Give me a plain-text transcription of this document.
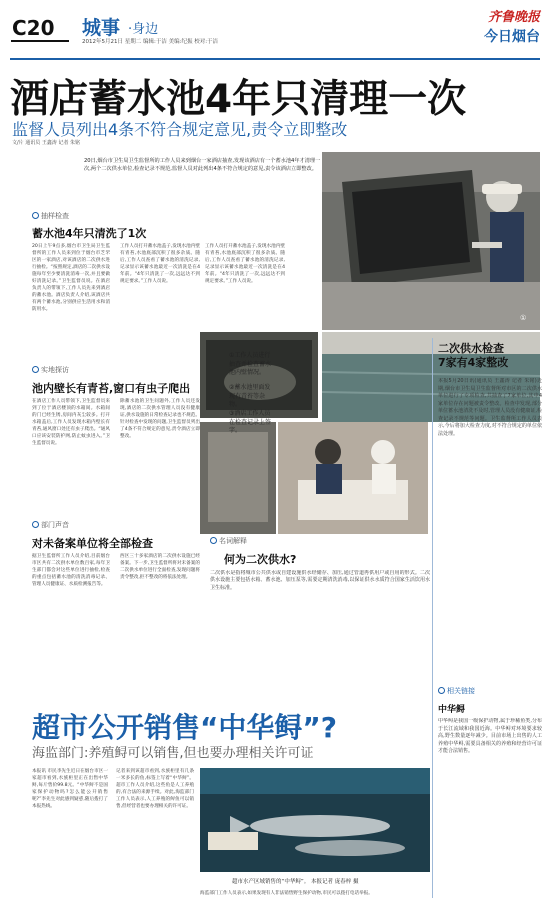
C20 城事 ·身边
2012年5月21日 星期二 编辑:于洁 美编:纪振 校对:于洁
齐鲁晚报
今日烟台
酒店蓄水池4年只清理一次
监督人员列出4条不符合规定意见,责令立即整改
文/片 通讯员 王鑫涛 记者 朱铭
20日,烟台市卫生局卫生监督所的工作人员来到烟台一家酒店抽查,发现该酒店有一个蓄水池4年才清理一次,两个二次供水单位,检查记录不规范,监督人员对此列出4条不符合规定的意见,责令该酒店立即整改。
①
抽样检查
蓄水池4年只清洗了1次
20日上午9点多,烟台市卫生局卫生监督所的工作人员来到位于烟台市芝罘区的一家酒店,对该酒店的二次供水进行抽检。“按照规定,酒店的二次供水设施每年至少要清洗消毒一次,并且要做好清洗记录。”卫生监督员说。在酒店负责人的带领下,工作人员先来到酒店的蓄水池。酒店负责人介绍,该酒店共有两个蓄水池,分别供应生活用水和消防用水。
工作人员打开蓄水池盖子,发现水池内壁有青苔,水池底部沉积了很多杂质。随后,工作人员查看了蓄水池的清洗记录,记录显示该蓄水池最近一次清洗是在4年前。“4年只清洗了一次,远远达不到规定要求。”工作人员说。
工作人员打开蓄水池盖子,发现水池内壁有青苔,水池底部沉积了很多杂质。随后,工作人员查看了蓄水池的清洗记录,记录显示该蓄水池最近一次清洗是在4年前。“4年只清洗了一次,远远达不到规定要求。”工作人员说。
实地探访
池内壁长有青苔,窗口有虫子爬出
在酒店工作人员带领下,卫生监督员来到了位于酒店楼顶的水箱间。水箱间的门已经生锈,房间内灰尘较多。打开水箱盖后,工作人员发现水箱内壁长有青苔,通风窗口处还有虫子爬出。“通风口应该安装防护网,防止蚊虫进入。”卫生监督员说。
除蓄水池的卫生问题外,工作人员还发现,酒店的二次供水管理人员没有健康证,供水设施的日常检查记录也不规范。针对检查中发现的问题,卫生监督员列出了4条不符合规定的意见,责令酒店立即整改。
部门声音
对未备案单位将全部检查
据卫生监督所工作人员介绍,目前烟台市区共有二次供水单位数百家,每年卫生部门都会对这些单位进行抽检,检查的重点包括蓄水池的清洗消毒记录、管理人员健康证、水质检测报告等。
西区三十多家酒店的二次供水设施已经备案。下一步,卫生监督所将对未备案的二次供水单位进行全面检查,发现问题将责令整改,拒不整改的将依法处理。
①工作人员进行抽查并检查蓄水池内壁情况。
②蓄水池里面发现有青苔等杂物。
③酒店工作人员在检查记录上签字。
名词解释
何为二次供水?
二次供水是指将城市公共供水或自建设施供水经储存、加压,通过管道再供用户或自用的形式。二次供水设施主要包括水箱、蓄水池、加压泵等,需要定期清洗消毒,以保证供水水质符合国家生活饮用水卫生标准。
二次供水检查
7家有4家整改
本报5月20日讯(通讯员 王鑫涛 记者 朱铭)近期,烟台市卫生局卫生监督所对市区的二次供水单位进行了专项检查,共抽查了7家单位,其中4家单位存在问题被责令整改。检查中发现,部分单位蓄水池清洗不及时,管理人员没有健康证,检查记录不规范等问题。卫生监督所工作人员表示,今后将加大检查力度,对不符合规定的单位依法处理。
相关链接
中华鲟
中华鲟是我国一级保护动物,属于珍稀鱼类,分布于长江流域和我国近海。中华鲟对环境要求较高,野生数量逐年减少。目前市场上出售的人工养殖中华鲟,需要具备相关的养殖和经营许可证才能合法销售。
超市公开销售“中华鲟”?
海监部门:养殖鲟可以销售,但也要办理相关许可证
本报讯 市民李先生近日在烟台市区一家超市看到,水族柜里正在出售中华鲟,每斤售价99.8元。“中华鲟不是国家保护动物吗?怎么能公开销售呢?”李先生对此感到疑惑,随后拨打了本报热线。
记者来到该超市看到,水族柜里有几条一米多长的鱼,标签上写着“中华鲟”。超市工作人员介绍,这些鱼是人工养殖的,有合法的来源手续。对此,海监部门工作人员表示,人工养殖的鲟鱼可以销售,但经营者也要办理相关的许可证。
超市水产区域销售的“中华鲟”。 本报记者 庞春梓 摄
海监部门工作人员表示,如果发现有人非法销售野生保护动物,市民可以拨打电话举报。
